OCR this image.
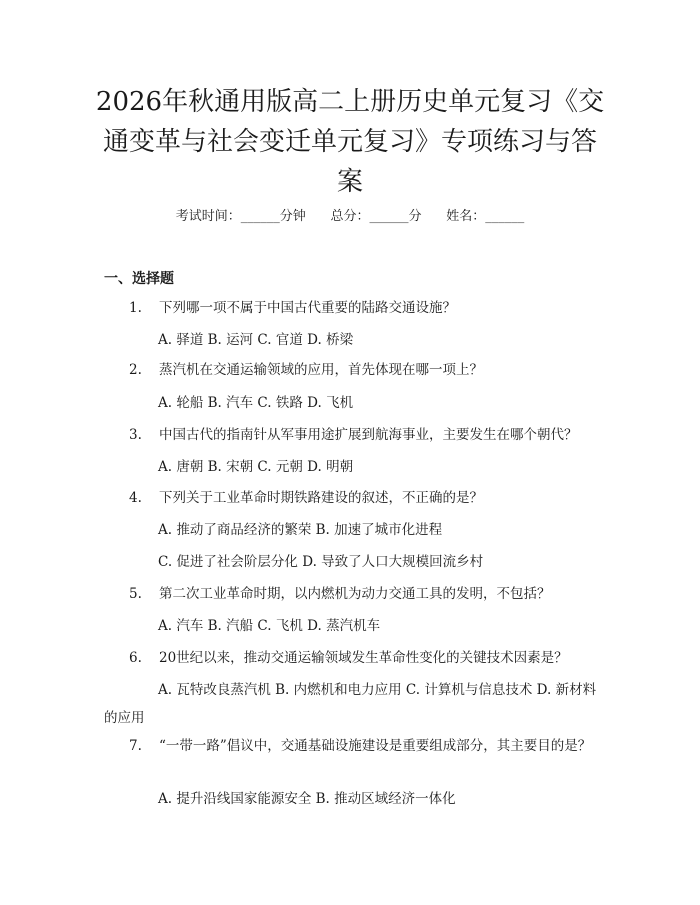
2026年秋通用版高二上册历史单元复习《交通变革与社会变迁单元复习》专项练习与答案
考试时间：______分钟      总分：______分      姓名：______
一、选择题
1. 下列哪一项不属于中国古代重要的陆路交通设施？
A. 驿道 B. 运河 C. 官道 D. 桥梁
2. 蒸汽机在交通运输领域的应用，首先体现在哪一项上？
A. 轮船 B. 汽车 C. 铁路 D. 飞机
3. 中国古代的指南针从军事用途扩展到航海事业，主要发生在哪个朝代？
A. 唐朝 B. 宋朝 C. 元朝 D. 明朝
4. 下列关于工业革命时期铁路建设的叙述，不正确的是？
A. 推动了商品经济的繁荣 B. 加速了城市化进程
C. 促进了社会阶层分化 D. 导致了人口大规模回流乡村
5. 第二次工业革命时期，以内燃机为动力交通工具的发明，不包括？
A. 汽车 B. 汽船 C. 飞机 D. 蒸汽机车
6. 20世纪以来，推动交通运输领域发生革命性变化的关键技术因素是？
A. 瓦特改良蒸汽机 B. 内燃机和电力应用 C. 计算机与信息技术 D. 新材料的应用
7. “一带一路”倡议中，交通基础设施建设是重要组成部分，其主要目的是？
A. 提升沿线国家能源安全 B. 推动区域经济一体化
